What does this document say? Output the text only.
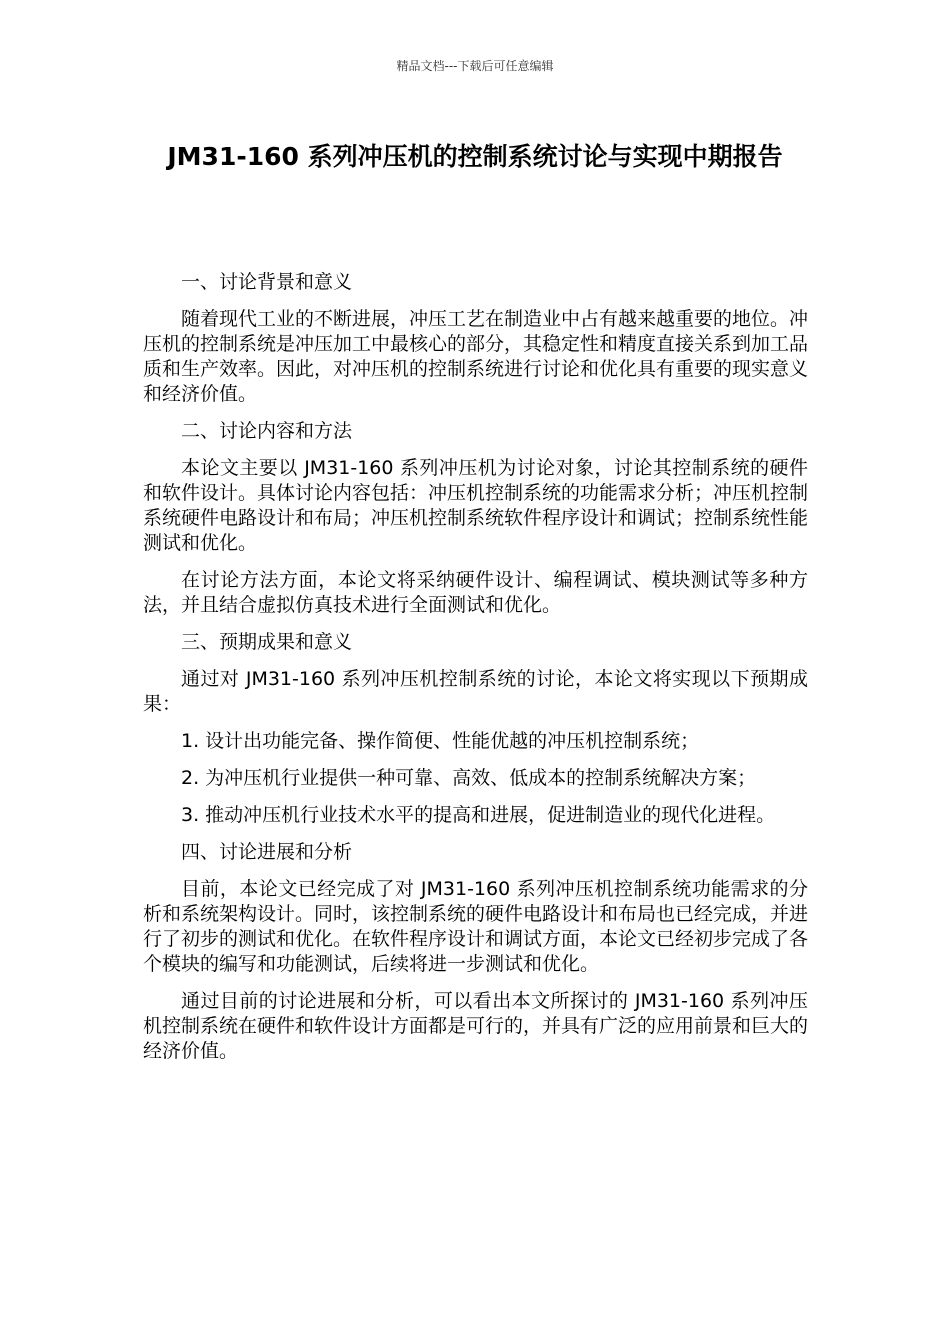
精品文档---下载后可任意编辑
JM31-160 系列冲压机的控制系统讨论与实现中期报告

一、讨论背景和意义

随着现代工业的不断进展，冲压工艺在制造业中占有越来越重要的地位。冲压机的控制系统是冲压加工中最核心的部分，其稳定性和精度直接关系到加工品质和生产效率。因此，对冲压机的控制系统进行讨论和优化具有重要的现实意义和经济价值。

二、讨论内容和方法

本论文主要以 JM31-160 系列冲压机为讨论对象，讨论其控制系统的硬件和软件设计。具体讨论内容包括：冲压机控制系统的功能需求分析；冲压机控制系统硬件电路设计和布局；冲压机控制系统软件程序设计和调试；控制系统性能测试和优化。

在讨论方法方面，本论文将采纳硬件设计、编程调试、模块测试等多种方法，并且结合虚拟仿真技术进行全面测试和优化。

三、预期成果和意义

通过对 JM31-160 系列冲压机控制系统的讨论，本论文将实现以下预期成果：

1. 设计出功能完备、操作简便、性能优越的冲压机控制系统；

2. 为冲压机行业提供一种可靠、高效、低成本的控制系统解决方案；

3. 推动冲压机行业技术水平的提高和进展，促进制造业的现代化进程。

四、讨论进展和分析

目前，本论文已经完成了对 JM31-160 系列冲压机控制系统功能需求的分析和系统架构设计。同时，该控制系统的硬件电路设计和布局也已经完成，并进行了初步的测试和优化。在软件程序设计和调试方面，本论文已经初步完成了各个模块的编写和功能测试，后续将进一步测试和优化。

通过目前的讨论进展和分析，可以看出本文所探讨的 JM31-160 系列冲压机控制系统在硬件和软件设计方面都是可行的，并具有广泛的应用前景和巨大的经济价值。
